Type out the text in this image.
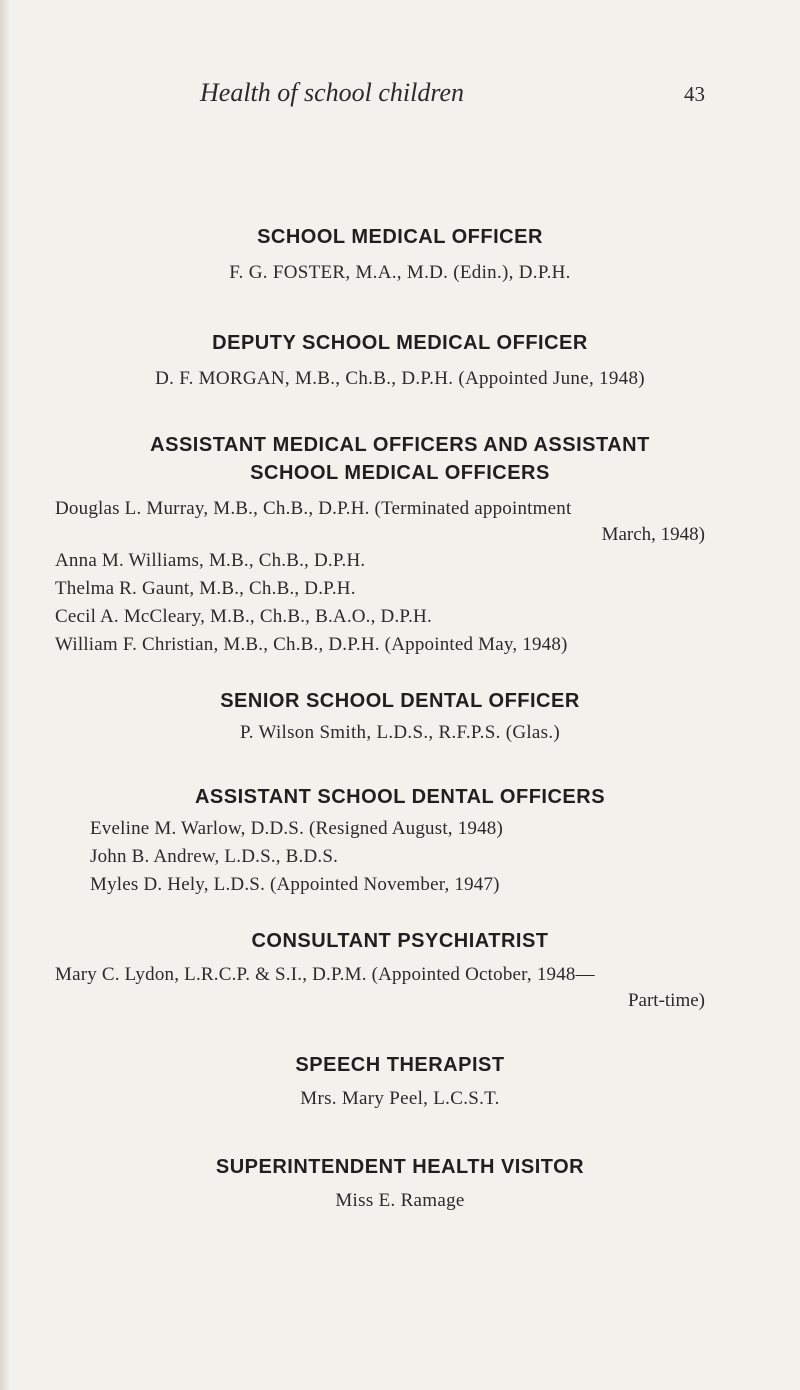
Health of school children	43
SCHOOL MEDICAL OFFICER
F. G. FOSTER, M.A., M.D. (Edin.), D.P.H.
DEPUTY SCHOOL MEDICAL OFFICER
D. F. MORGAN, M.B., Ch.B., D.P.H. (Appointed June, 1948)
ASSISTANT MEDICAL OFFICERS AND ASSISTANT
SCHOOL MEDICAL OFFICERS
Douglas L. Murray, M.B., Ch.B., D.P.H. (Terminated appointment
March, 1948)
Anna M. Williams, M.B., Ch.B., D.P.H.
Thelma R. Gaunt, M.B., Ch.B., D.P.H.
Cecil A. McCleary, M.B., Ch.B., B.A.O., D.P.H.
William F. Christian, M.B., Ch.B., D.P.H. (Appointed May, 1948)
SENIOR SCHOOL DENTAL OFFICER
P. Wilson Smith, L.D.S., R.F.P.S. (Glas.)
ASSISTANT SCHOOL DENTAL OFFICERS
Eveline M. Warlow, D.D.S. (Resigned August, 1948)
John B. Andrew, L.D.S., B.D.S.
Myles D. Hely, L.D.S. (Appointed November, 1947)
CONSULTANT PSYCHIATRIST
Mary C. Lydon, L.R.C.P. & S.I., D.P.M. (Appointed October, 1948—
Part-time)
SPEECH THERAPIST
Mrs. Mary Peel, L.C.S.T.
SUPERINTENDENT HEALTH VISITOR
Miss E. Ramage
